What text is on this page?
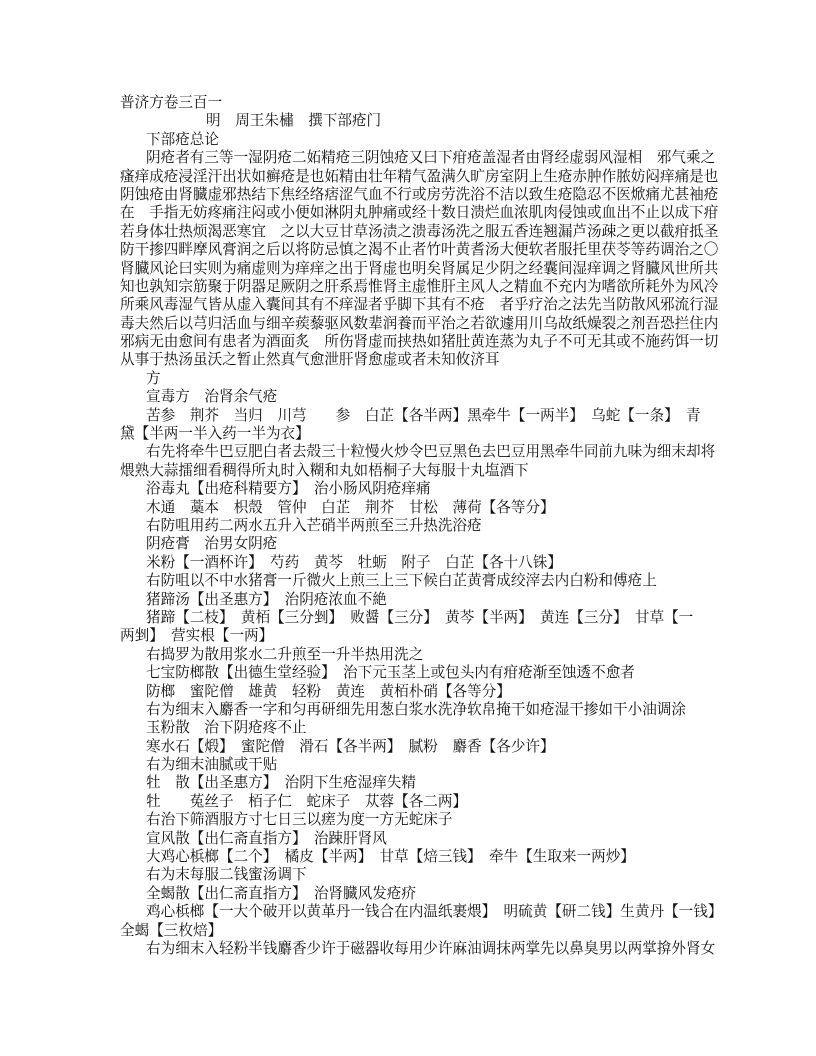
普济方卷三百一
明　周王朱橚　撰下部疮门
下部疮总论
阴疮者有三等一湿阴疮二妬精疮三阴蚀疮又曰下疳疮盖湿者由肾经虚弱风湿相　邪气乘之
瘙痒成疮浸淫汗出状如癣疮是也妬精由壮年精气盈满久旷房室阴上生疮赤肿作脓妨闷痒痛是也
阴蚀疮由肾臓虚邪热结下焦经络痞涩气血不行或房劳洗浴不洁以致生疮隐忍不医焮痛尤甚袖疮
在　手指无妨疼痛注闷或小便如淋阴丸肿痛或经十数日溃烂血浓肌肉侵蚀或血出不止以成下疳
若身体壮热烦渴恶寒宜　之以大豆甘草汤渍之溃毒汤洗之服五香连翘漏芦汤疎之更以截疳抵圣
防干掺四畔摩风膏润之后以将防忌慎之渴不止者竹叶黄耆汤大便软者服托里茯苓等药调治之〇
肾臓风论曰实则为痛虚则为痒痒之出于肾虚也明矣肾属足少阴之经囊间湿痒调之肾臓风世所共
知也孰知宗筋聚于阴器足厥阴之肝系焉惟肾主虚惟肝主风人之精血不充内为嗜欲所耗外为风冷
所乘风毒湿气皆从虚入囊间其有不痒湿者乎脚下其有不疮　者乎疗治之法先当防散风邪流行湿
毒夫然后以芎归活血与细辛蒺藜驱风数辈润養而平治之若欲遽用川乌故纸燥裂之剂吾恐拦住内
邪病无由愈间有患者为酒面炙　所伤肾虚而挟热如猪肚黄连蒸为丸子不可无其或不施药饵一切
从事于热汤虽沃之暂止然真气愈泄肝肾愈虚或者未知攸济耳
方
宣毒方　治肾余气疮
苦参　荆芥　当归　川芎　　参　白芷【各半两】黑牵牛【一两半】　乌蛇【一条】　青
黛【半两一半入药一半为衣】
右先将牵牛巴豆肥白者去殻三十粒慢火炒令巴豆黑色去巴豆用黑牵牛同前九味为细末却将
煨熟大蒜擂细看稠得所丸时入糊和丸如梧桐子大每服十丸塩酒下
浴毒丸【出疮科精要方】　治小肠风阴疮痒痛
木通　藁本　枳殼　管仲　白芷　荆芥　甘松　薄荷【各等分】
右防咀用药二两水五升入芒硝半两煎至三升热洗浴疮
阴疮膏　治男女阴疮
米粉【一酒杯许】　芍药　黄芩　牡蛎　附子　白芷【各十八铢】
右防咀以不中水猪膏一斤微火上煎三上三下候白芷黄膏成绞滓去内白粉和傅疮上
猪蹄汤【出圣惠方】　治阴疮浓血不絶
猪蹄【二枝】　黄栢【三分剉】　败醤【三分】　黄芩【半两】　黄连【三分】　甘草【一
两剉】　营实根【一两】
右捣罗为散用浆水二升煎至一升半热用洗之
七宝防榔散【出德生堂经验】　治下元玉茎上或包头内有疳疮渐至蚀透不愈者
防榔　蜜陀僧　雄黄　轻粉　黄连　黄栢朴硝【各等分】
右为细末入麝香一字和匀再研细先用葱白浆水洗净软帛掩干如疮湿干掺如干小油调涂
玉粉散　治下阴疮疼不止
寒水石【煅】　蜜陀僧　滑石【各半两】　腻粉　麝香【各少许】
右为细末油腻或干贴
牡　散【出圣惠方】　治阴下生疮湿痒失精
牡　　菟丝子　栢子仁　蛇床子　苁蓉【各二两】
右治下筛酒服方寸七日三以瘥为度一方无蛇床子
宣风散【出仁斋直指方】　治踈肝肾风
大鸡心梹榔【二个】　橘皮【半两】　甘草【焙三钱】　牵牛【生取来一两炒】
右为末每服二钱蜜汤调下
全蝎散【出仁斋直指方】　治肾臓风发疮疥
鸡心梹榔【一大个破开以黄革丹一钱合在内温纸裹煨】　明硫黄【研二钱】生黄丹【一钱】
全蝎【三枚焙】
右为细末入轻粉半钱麝香少许于磁器收每用少许麻油调抹两掌先以鼻臭男以两掌揜外肾女
